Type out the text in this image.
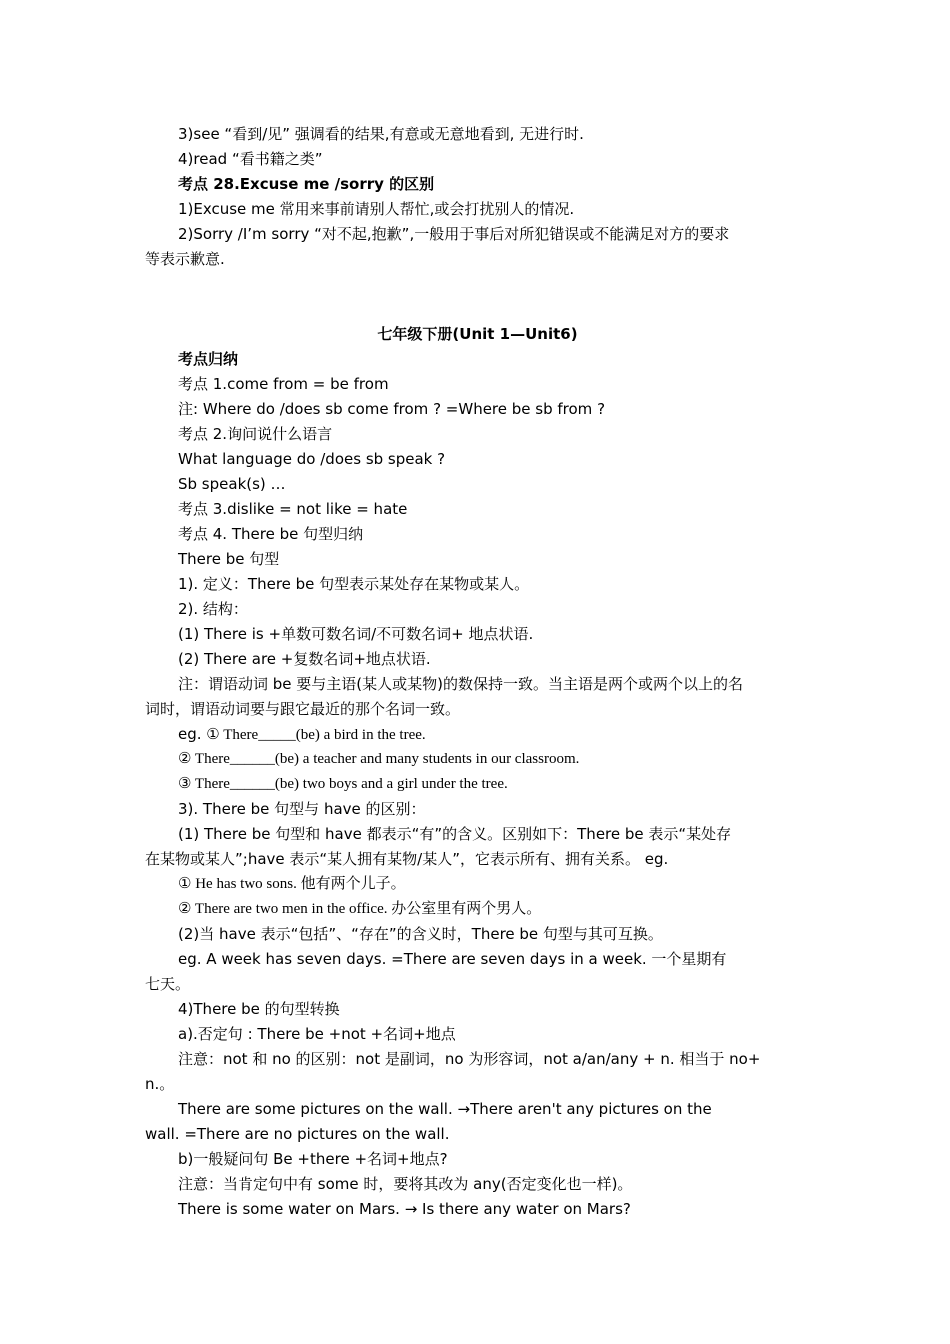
3)see “看到/见” 强调看的结果,有意或无意地看到, 无进行时.
4)read “看书籍之类”
考点 28.Excuse me /sorry 的区别
1)Excuse me 常用来事前请别人帮忙,或会打扰别人的情况.
2)Sorry /I’m sorry “对不起,抱歉”,一般用于事后对所犯错误或不能满足对方的要求
等表示歉意.
七年级下册(Unit 1—Unit6)
考点归纳
考点 1.come from = be from
注: Where do /does sb come from ? =Where be sb from ?
考点 2.询问说什么语言
What language do /does sb speak ?
Sb speak(s) …
考点 3.dislike = not like = hate
考点 4. There be 句型归纳
There be 句型
1). 定义：There be 句型表示某处存在某物或某人。
2). 结构：
(1) There is +单数可数名词/不可数名词+ 地点状语.
(2) There are +复数名词+地点状语.
注：谓语动词 be 要与主语(某人或某物)的数保持一致。当主语是两个或两个以上的名
词时，谓语动词要与跟它最近的那个名词一致。
eg. ① There_____(be) a bird in the tree.
② There______(be) a teacher and many students in our classroom.
③ There______(be) two boys and a girl under the tree.
3). There be 句型与 have 的区别：
(1) There be 句型和 have 都表示“有”的含义。区别如下：There be 表示“某处存
在某物或某人”;have 表示“某人拥有某物/某人”，它表示所有、拥有关系。 eg.
① He has two sons. 他有两个儿子。
② There are two men in the office. 办公室里有两个男人。
(2)当 have 表示“包括”、“存在”的含义时，There be 句型与其可互换。
eg. A week has seven days. =There are seven days in a week. 一个星期有
七天。
4)There be 的句型转换
a).否定句 : There be +not +名词+地点
注意：not 和 no 的区别：not 是副词，no 为形容词，not a/an/any + n. 相当于 no+
n.。
There are some pictures on the wall. →There aren't any pictures on the
wall. =There are no pictures on the wall.
b)一般疑问句 Be +there +名词+地点?
注意：当肯定句中有 some 时，要将其改为 any(否定变化也一样)。
There is some water on Mars. → Is there any water on Mars?
